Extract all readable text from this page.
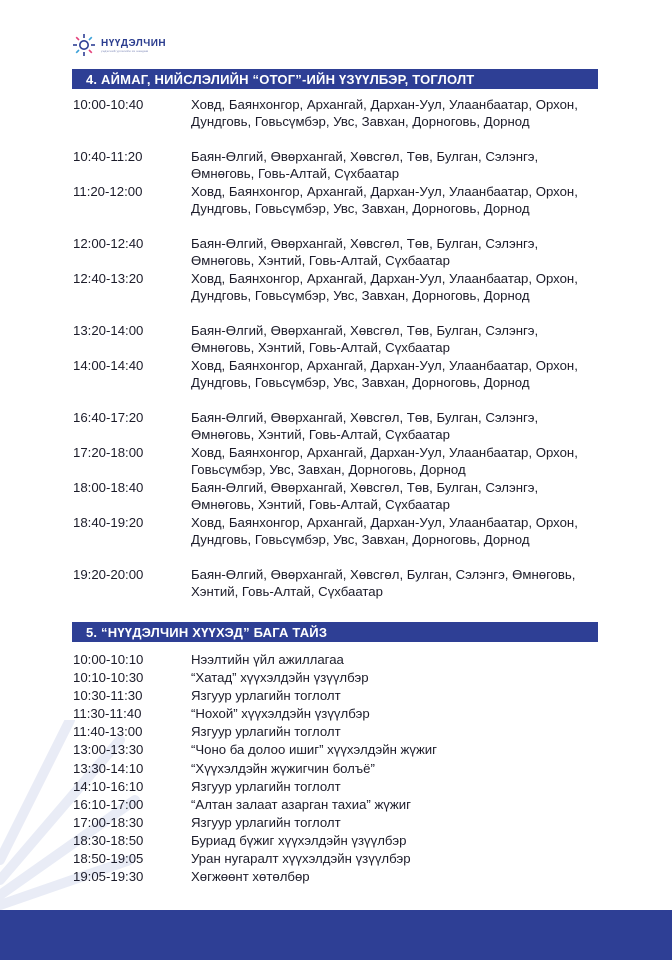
НҮҮДЭЛЧИН
үндэсний урлагийн их наадам
4. АЙМАГ, НИЙСЛЭЛИЙН “ОТОГ”-ИЙН ҮЗҮҮЛБЭР, ТОГЛОЛТ
10:00-10:40	Ховд, Баянхонгор, Архангай, Дархан-Уул, Улаанбаатар, Орхон, Дундговь, Говьсүмбэр, Увс, Завхан, Дорноговь, Дорнод
10:40-11:20	Баян-Өлгий, Өвөрхангай, Хөвсгөл, Төв, Булган, Сэлэнгэ, Өмнөговь, Говь-Алтай, Сүхбаатар
11:20-12:00	Ховд, Баянхонгор, Архангай, Дархан-Уул, Улаанбаатар, Орхон, Дундговь, Говьсүмбэр, Увс, Завхан, Дорноговь, Дорнод
12:00-12:40	Баян-Өлгий, Өвөрхангай, Хөвсгөл, Төв, Булган, Сэлэнгэ, Өмнөговь, Хэнтий, Говь-Алтай, Сүхбаатар
12:40-13:20	Ховд, Баянхонгор, Архангай, Дархан-Уул, Улаанбаатар, Орхон, Дундговь, Говьсүмбэр, Увс, Завхан, Дорноговь, Дорнод
13:20-14:00	Баян-Өлгий, Өвөрхангай, Хөвсгөл, Төв, Булган, Сэлэнгэ, Өмнөговь, Хэнтий, Говь-Алтай, Сүхбаатар
14:00-14:40	Ховд, Баянхонгор, Архангай, Дархан-Уул, Улаанбаатар, Орхон, Дундговь, Говьсүмбэр, Увс, Завхан, Дорноговь, Дорнод
16:40-17:20	Баян-Өлгий, Өвөрхангай, Хөвсгөл, Төв, Булган, Сэлэнгэ, Өмнөговь, Хэнтий, Говь-Алтай, Сүхбаатар
17:20-18:00	Ховд, Баянхонгор, Архангай, Дархан-Уул, Улаанбаатар, Орхон, Говьсүмбэр, Увс, Завхан, Дорноговь, Дорнод
18:00-18:40	Баян-Өлгий, Өвөрхангай, Хөвсгөл, Төв, Булган, Сэлэнгэ, Өмнөговь, Хэнтий, Говь-Алтай, Сүхбаатар
18:40-19:20	Ховд, Баянхонгор, Архангай, Дархан-Уул, Улаанбаатар, Орхон, Дундговь, Говьсүмбэр, Увс, Завхан, Дорноговь, Дорнод
19:20-20:00	Баян-Өлгий, Өвөрхангай, Хөвсгөл, Булган, Сэлэнгэ, Өмнөговь, Хэнтий, Говь-Алтай, Сүхбаатар
5. “НҮҮДЭЛЧИН ХҮҮХЭД” БАГА ТАЙЗ
10:00-10:10	Нээлтийн үйл ажиллагаа
10:10-10:30	“Хатад” хүүхэлдэйн үзүүлбэр
10:30-11:30	Язгуур урлагийн тоглолт
11:30-11:40	“Нохой” хүүхэлдэйн үзүүлбэр
11:40-13:00	Язгуур урлагийн тоглолт
13:00-13:30	“Чоно ба долоо ишиг” хүүхэлдэйн жүжиг
13:30-14:10	“Хүүхэлдэйн жүжигчин болъё”
14:10-16:10	Язгуур урлагийн тоглолт
16:10-17:00	“Алтан залаат азарган тахиа” жүжиг
17:00-18:30	Язгуур урлагийн тоглолт
18:30-18:50	Буриад бүжиг хүүхэлдэйн үзүүлбэр
18:50-19:05	Уран нугаралт хүүхэлдэйн үзүүлбэр
19:05-19:30	Хөгжөөнт хөтөлбөр
